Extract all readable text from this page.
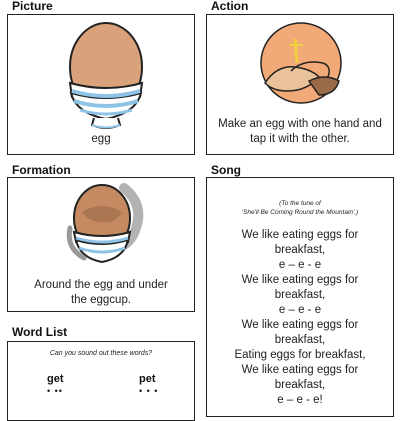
Picture
egg
Action
Make an egg with one hand and
tap it with the other.
Formation
Around the egg and under
the eggcup.
Song
(To the tune of
'She'll Be Coming Round the Mountain'.)
We like eating eggs for
breakfast,
e – e - e
We like eating eggs for
breakfast,
e – e - e
We like eating eggs for
breakfast,
Eating eggs for breakfast,
We like eating eggs for
breakfast,
e – e - e!
Word List
Can you sound out these words?
get
• ••
pet
• • •
